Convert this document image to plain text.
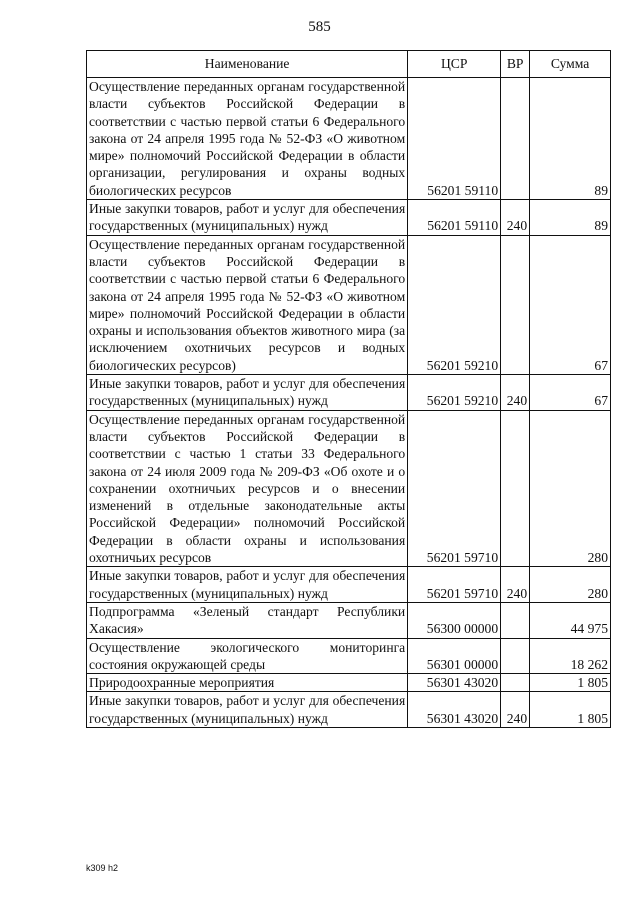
585
Наименование	ЦСР	ВР	Сумма
Осуществление переданных органам государственной власти субъектов Российской Федерации в соответствии с частью первой статьи 6 Федерального закона от 24 апреля 1995 года № 52-ФЗ «О животном мире» полномочий Российской Федерации в области организации, регулирования и охраны водных биологических ресурсов	56201 59110		89
Иные закупки товаров, работ и услуг для обеспечения государственных (муниципальных) нужд	56201 59110	240	89
Осуществление переданных органам государственной власти субъектов Российской Федерации в соответствии с частью первой статьи 6 Федерального закона от 24 апреля 1995 года № 52-ФЗ «О животном мире» полномочий Российской Федерации в области охраны и использования объектов животного мира (за исключением охотничьих ресурсов и водных биологических ресурсов)	56201 59210		67
Иные закупки товаров, работ и услуг для обеспечения государственных (муниципальных) нужд	56201 59210	240	67
Осуществление переданных органам государственной власти субъектов Российской Федерации в соответствии с частью 1 статьи 33 Федерального закона от 24 июля 2009 года № 209-ФЗ «Об охоте и о сохранении охотничьих ресурсов и о внесении изменений в отдельные законодательные акты Российской Федерации» полномочий Российской Федерации в области охраны и использования охотничьих ресурсов	56201 59710		280
Иные закупки товаров, работ и услуг для обеспечения государственных (муниципальных) нужд	56201 59710	240	280
Подпрограмма «Зеленый стандарт Республики Хакасия»	56300 00000		44 975
Осуществление экологического мониторинга состояния окружающей среды	56301 00000		18 262
Природоохранные мероприятия	56301 43020		1 805
Иные закупки товаров, работ и услуг для обеспечения государственных (муниципальных) нужд	56301 43020	240	1 805
k309 h2
